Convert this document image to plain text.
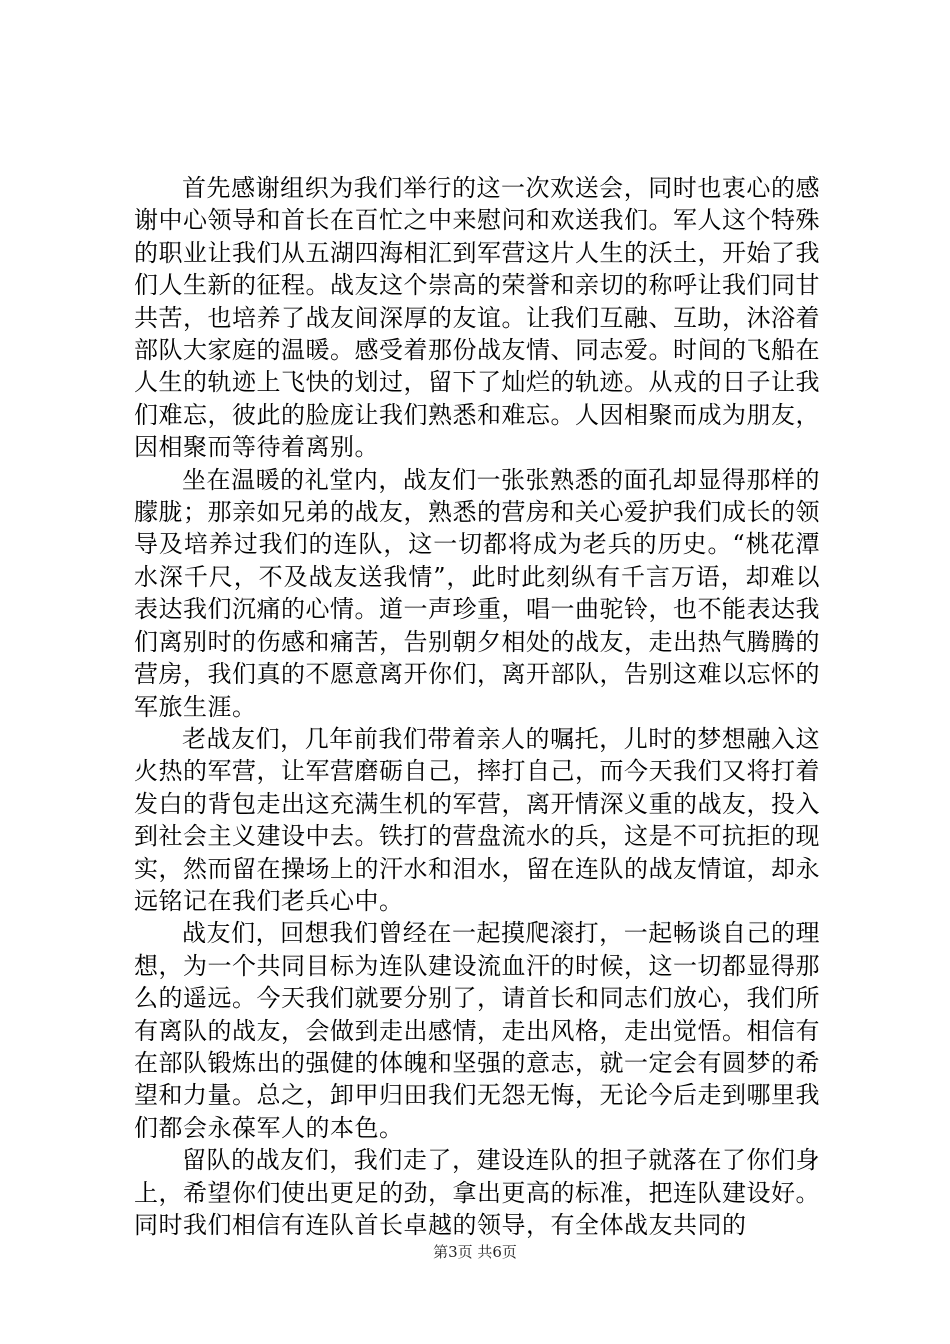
首先感谢组织为我们举行的这一次欢送会，同时也衷心的感谢中心领导和首长在百忙之中来慰问和欢送我们。军人这个特殊的职业让我们从五湖四海相汇到军营这片人生的沃土，开始了我们人生新的征程。战友这个崇高的荣誉和亲切的称呼让我们同甘共苦，也培养了战友间深厚的友谊。让我们互融、互助，沐浴着部队大家庭的温暖。感受着那份战友情、同志爱。时间的飞船在人生的轨迹上飞快的划过，留下了灿烂的轨迹。从戎的日子让我们难忘，彼此的脸庞让我们熟悉和难忘。人因相聚而成为朋友，因相聚而等待着离别。

坐在温暖的礼堂内，战友们一张张熟悉的面孔却显得那样的朦胧；那亲如兄弟的战友，熟悉的营房和关心爱护我们成长的领导及培养过我们的连队，这一切都将成为老兵的历史。“桃花潭水深千尺，不及战友送我情”，此时此刻纵有千言万语，却难以表达我们沉痛的心情。道一声珍重，唱一曲驼铃，也不能表达我们离别时的伤感和痛苦，告别朝夕相处的战友，走出热气腾腾的营房，我们真的不愿意离开你们，离开部队，告别这难以忘怀的军旅生涯。

老战友们，几年前我们带着亲人的嘱托，儿时的梦想融入这火热的军营，让军营磨砺自己，摔打自己，而今天我们又将打着发白的背包走出这充满生机的军营，离开情深义重的战友，投入到社会主义建设中去。铁打的营盘流水的兵，这是不可抗拒的现实，然而留在操场上的汗水和泪水，留在连队的战友情谊，却永远铭记在我们老兵心中。

战友们，回想我们曾经在一起摸爬滚打，一起畅谈自己的理想，为一个共同目标为连队建设流血汗的时候，这一切都显得那么的遥远。今天我们就要分别了，请首长和同志们放心，我们所有离队的战友，会做到走出感情，走出风格，走出觉悟。相信有在部队锻炼出的强健的体魄和坚强的意志，就一定会有圆梦的希望和力量。总之，卸甲归田我们无怨无悔，无论今后走到哪里我们都会永葆军人的本色。

留队的战友们，我们走了，建设连队的担子就落在了你们身上，希望你们使出更足的劲，拿出更高的标准，把连队建设好。同时我们相信有连队首长卓越的领导，有全体战友共同的

第3页 共6页
